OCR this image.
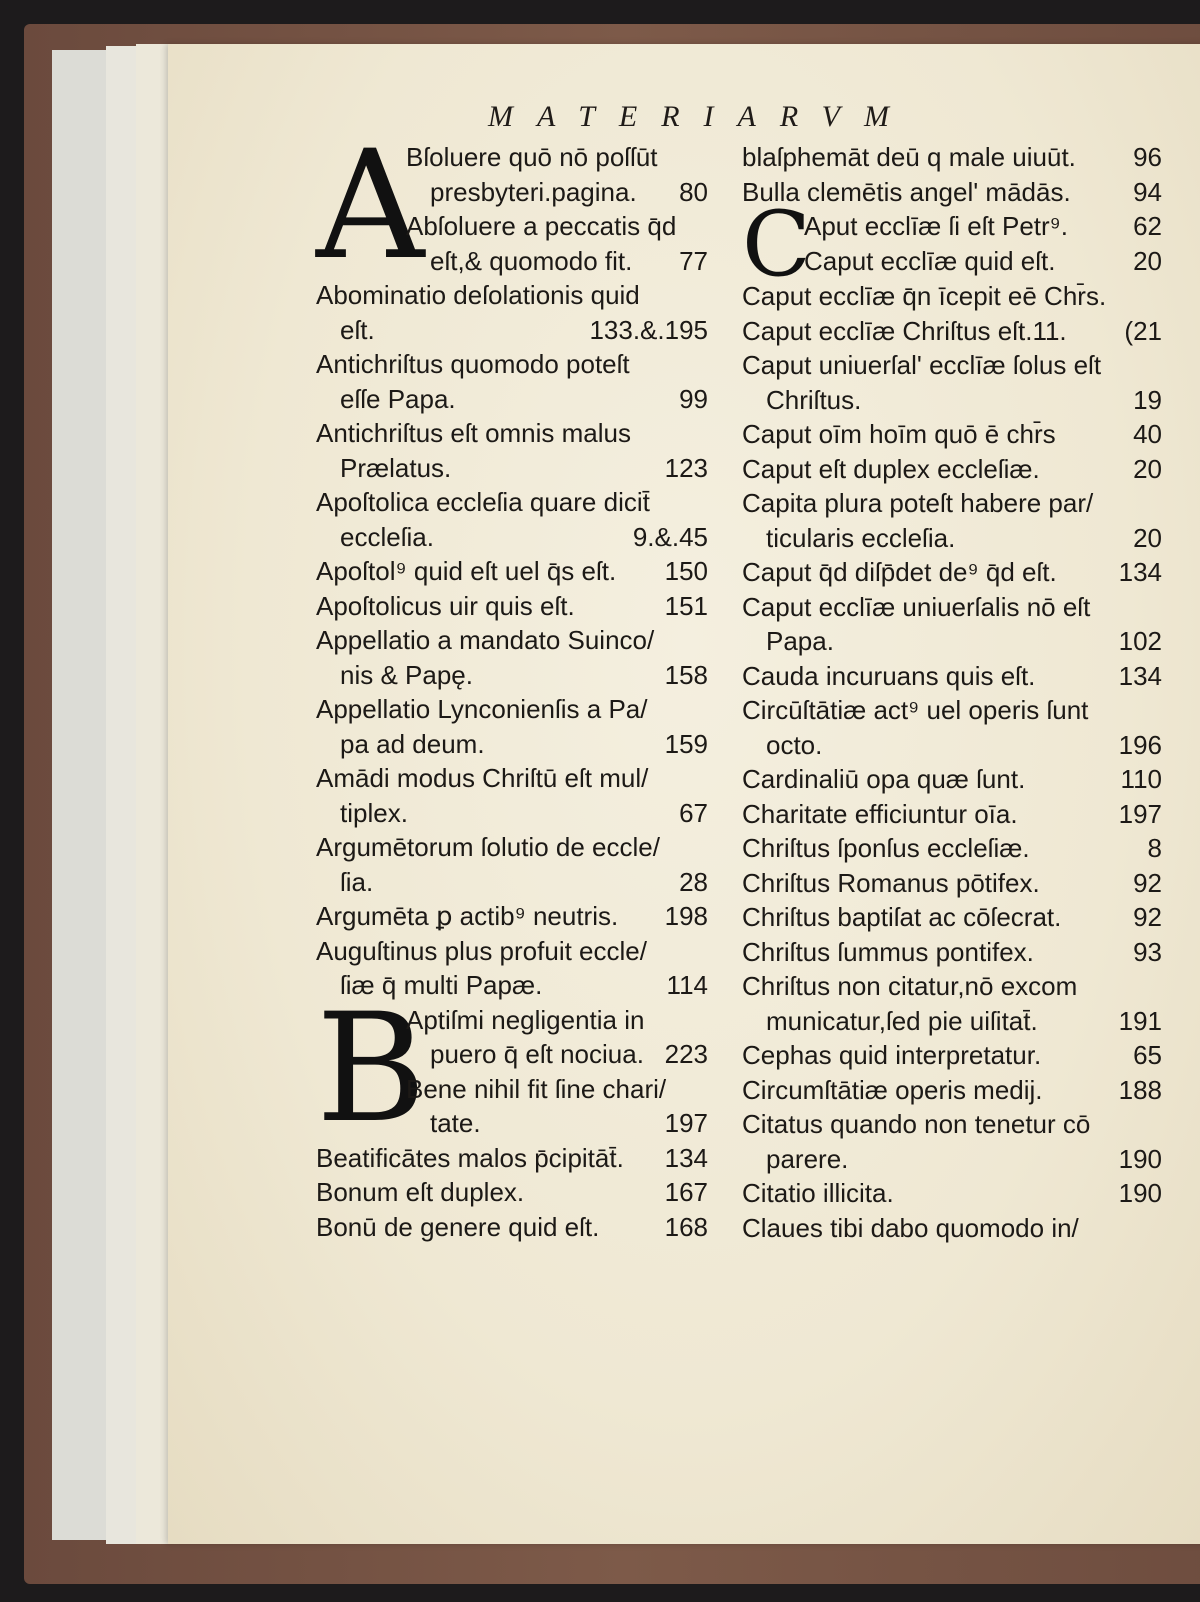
MATERIARVM
A
Bſoluere quō nō poſſūt
presbyteri.pagina.	80
Abſoluere a peccatis q̄d
eſt,& quomodo fit.	77
Abominatio deſolationis quid
eſt.	133.&.195
Antichriſtus quomodo poteſt
eſſe Papa.	99
Antichriſtus eſt omnis malus
Prælatus.	123
Apoſtolica eccleſia quare dicit̄
eccleſia.	9.&.45
Apoſtol⁹ quid eſt uel q̄s eſt.	150
Apoſtolicus uir quis eſt.	151
Appellatio a mandato Suinco/
nis & Papę.	158
Appellatio Lynconienſis a Pa/
pa ad deum.	159
Amādi modus Chriſtū eſt mul/
tiplex.	67
Argumētorum ſolutio de eccle/
ſia.	28
Argumēta ꝑ actib⁹ neutris.	198
Auguſtinus plus profuit eccle/
ſiæ q̄ multi Papæ.	114
B
Aptiſmi negligentia in
puero q̄ eſt nociua. 223
Bene nihil fit ſine chari/
tate.	197
Beatificātes malos p̄cipitāt̄.	134
Bonum eſt duplex.	167
Bonū de genere quid eſt.	168
blaſphemāt deū q male uiuūt.	96
Bulla clemētis angel' mādās.	94
C
Aput ecclīæ ſi eſt Petr⁹.	62
Caput ecclīæ quid eſt.	20
Caput ecclīæ q̄n īcepit eē Chr̄s.
Caput ecclīæ Chriſtus eſt.11.	(21
Caput uniuerſal' ecclīæ ſolus eſt
Chriſtus.	19
Caput oīm hoīm quō ē chr̄s	40
Caput eſt duplex eccleſiæ.	20
Capita plura poteſt habere par/
ticularis eccleſia.	20
Caput q̄d diſp̄det de⁹ q̄d eſt.	134
Caput ecclīæ uniuerſalis nō eſt
Papa.	102
Cauda incuruans quis eſt.	134
Circūſtātiæ act⁹ uel operis ſunt
octo.	196
Cardinaliū opa quæ ſunt.	110
Charitate efficiuntur oīa.	197
Chriſtus ſponſus eccleſiæ.	8
Chriſtus Romanus pōtifex.	92
Chriſtus baptiſat ac cōſecrat.	92
Chriſtus ſummus pontifex.	93
Chriſtus non citatur,nō excom
municatur,ſed pie uiſitat̄.	191
Cephas quid interpretatur.	65
Circumſtātiæ operis medij.	188
Citatus quando non tenetur cō
parere.	190
Citatio illicita.	190
Claues tibi dabo quomodo in/
